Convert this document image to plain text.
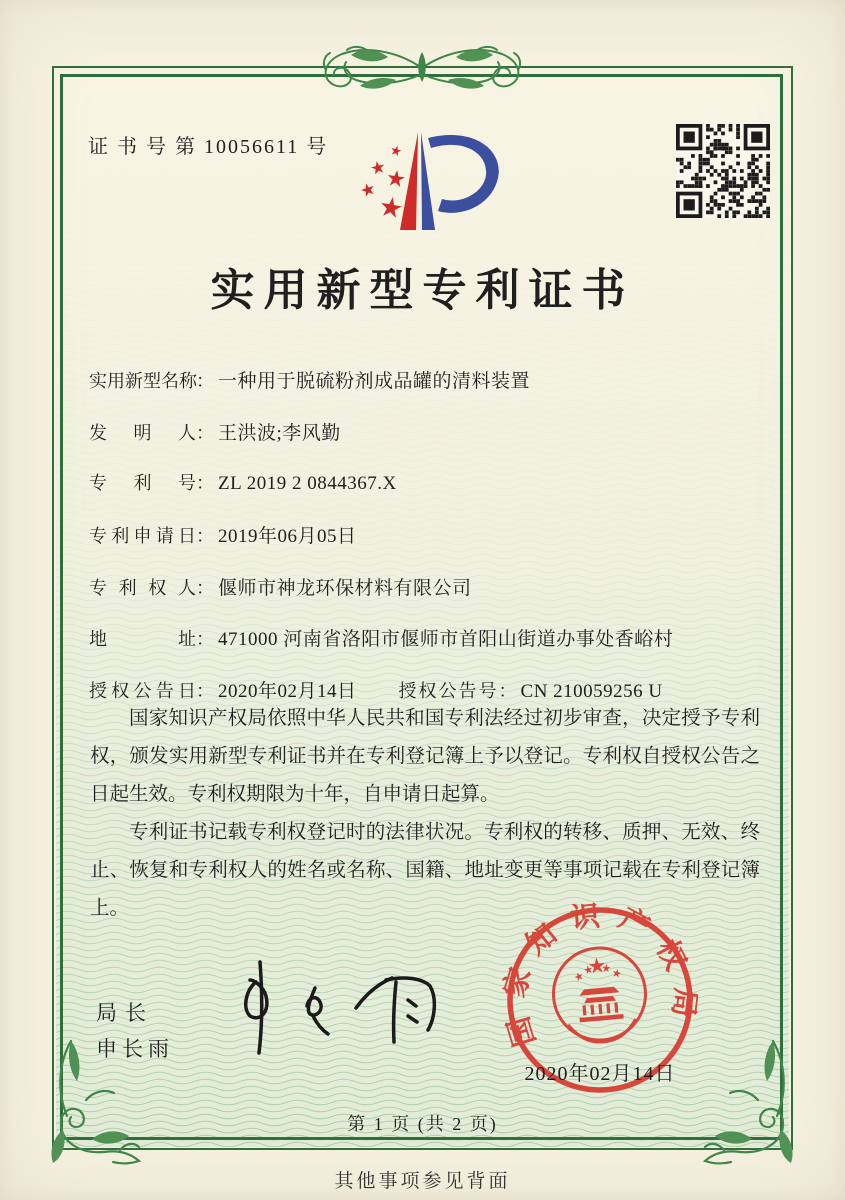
证 书 号 第 10056611 号
实用新型专利证书
实用新型名称 ： 一种用于脱硫粉剂成品罐的清料装置
发明人 ： 王洪波;李风勤
专利号 ： ZL 2019 2 0844367.X
专利申请日 ： 2019年06月05日
专利权人 ： 偃师市神龙环保材料有限公司
地址 ： 471000 河南省洛阳市偃师市首阳山街道办事处香峪村
授权公告日 ： 2020年02月14日 授权公告号： CN 210059256 U

国家知识产权局依照中华人民共和国专利法经过初步审查，决定授予专利权，颁发实用新型专利证书并在专利登记簿上予以登记。专利权自授权公告之日起生效。专利权期限为十年，自申请日起算。

专利证书记载专利权登记时的法律状况。专利权的转移、质押、无效、终止、恢复和专利权人的姓名或名称、国籍、地址变更等事项记载在专利登记簿上。

国家知识产权局
2020年02月14日
局长
申长雨
第 1 页 (共 2 页)
其他事项参见背面
